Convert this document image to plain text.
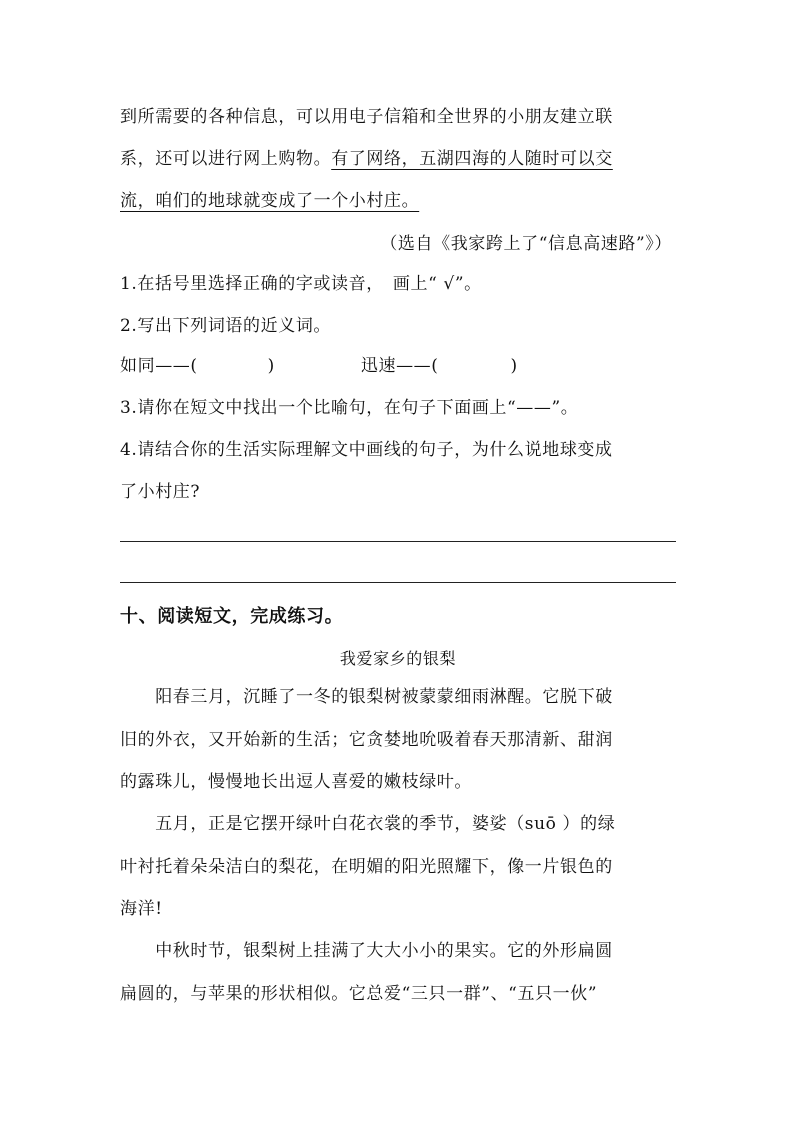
到所需要的各种信息，可以用电子信箱和全世界的小朋友建立联
系，还可以进行网上购物。有了网络，五湖四海的人随时可以交
流，咱们的地球就变成了一个小村庄。
（选自《我家跨上了“信息高速路”》）
1.在括号里选择正确的字或读音，　画上“ √”。
2.写出下列词语的近义词。
如同——(	)	迅速——(	)
3.请你在短文中找出一个比喻句，在句子下面画上“——”。
4.请结合你的生活实际理解文中画线的句子，为什么说地球变成
了小村庄?
十、阅读短文，完成练习。
我爱家乡的银梨
　　阳春三月，沉睡了一冬的银梨树被蒙蒙细雨淋醒。它脱下破
旧的外衣，又开始新的生活；它贪婪地吮吸着春天那清新、甜润
的露珠儿，慢慢地长出逗人喜爱的嫩枝绿叶。
　　五月，正是它摆开绿叶白花衣裳的季节，婆娑（suō ）的绿
叶衬托着朵朵洁白的梨花，在明媚的阳光照耀下，像一片银色的
海洋!
　　中秋时节，银梨树上挂满了大大小小的果实。它的外形扁圆
扁圆的，与苹果的形状相似。它总爱“三只一群”、“五只一伙”
